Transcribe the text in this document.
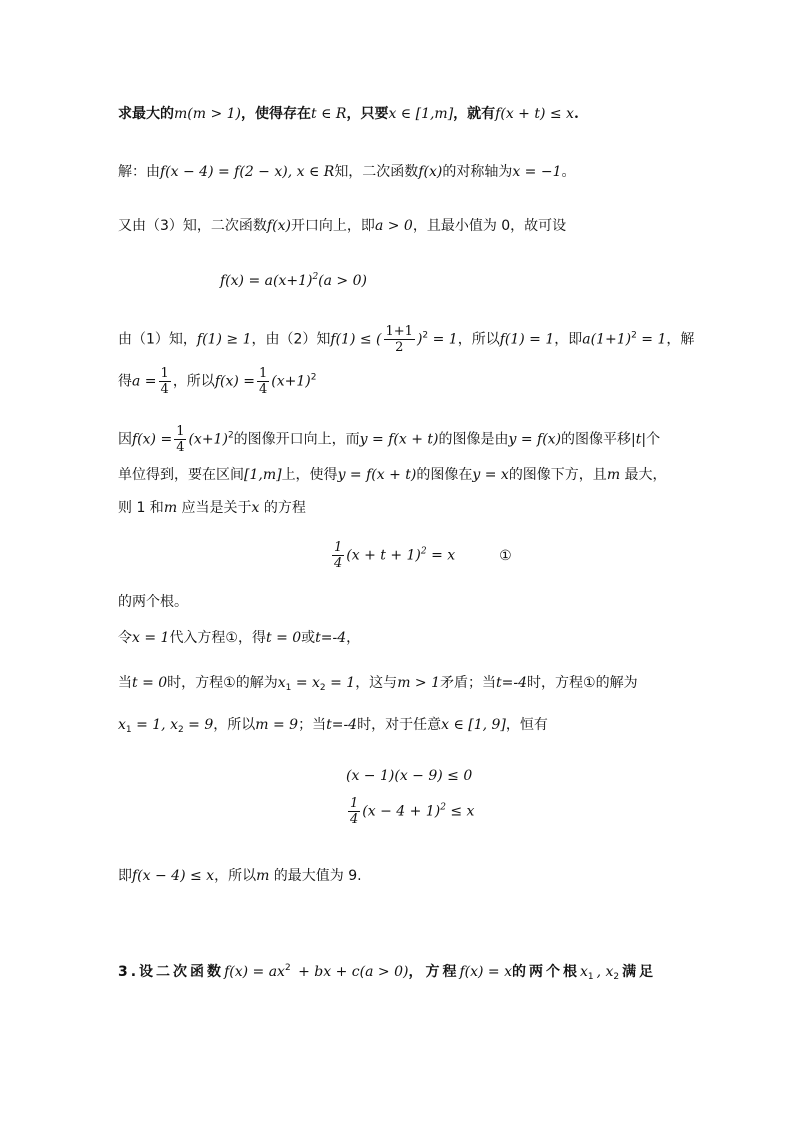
求最大的m(m > 1)，使得存在t ∈ R，只要x ∈ [1,m]，就有f(x + t) ≤ x.
解：由f(x − 4) = f(2 − x), x ∈ R知，二次函数f(x)的对称轴为x = −1。
又由（3）知，二次函数f(x)开口向上，即a > 0，且最小值为 0，故可设
$f(x) = a(x+1)^2(a > 0)$
由（1）知，f(1) ≥ 1，由（2）知f(1) ≤ ( $\frac{1+1}{2} )^2 = 1$，所以f(1) = 1，即$a(1+1)^2 = 1$，解
得$a = \frac{1}{4}$ ，所以$f(x) = \frac{1}{4} (x+1)^2$
因$f(x) = \frac{1}{4} (x+1)^2$的图像开口向上，而y = f(x + t)的图像是由y = f(x)的图像平移|t|个
单位得到，要在区间[1,m]上，使得y = f(x + t)的图像在y = x的图像下方，且m 最大，
则 1 和m 应当是关于x 的方程
$\frac{1}{4} (x + t + 1)^2 = x$	①
的两个根。
令x = 1代入方程①，得t = 0或t=-4，
当t = 0时，方程①的解为$x_1 = x_2 = 1$，这与m > 1矛盾；当t=-4时，方程①的解为
$x_1 = 1$, $x_2 = 9$，所以m = 9；当t=-4时，对于任意x ∈ [1, 9]，恒有
(x − 1)(x − 9) ≤ 0
$\frac{1}{4} (x - 4 + 1)^2 \le x$
即f(x − 4) ≤ x，所以m 的最大值为 9.
3.设二次函数$f(x) = ax^2$ + bx + c(a > 0)，方程f(x) = x的两个根$x_1$, $x_2$满足
